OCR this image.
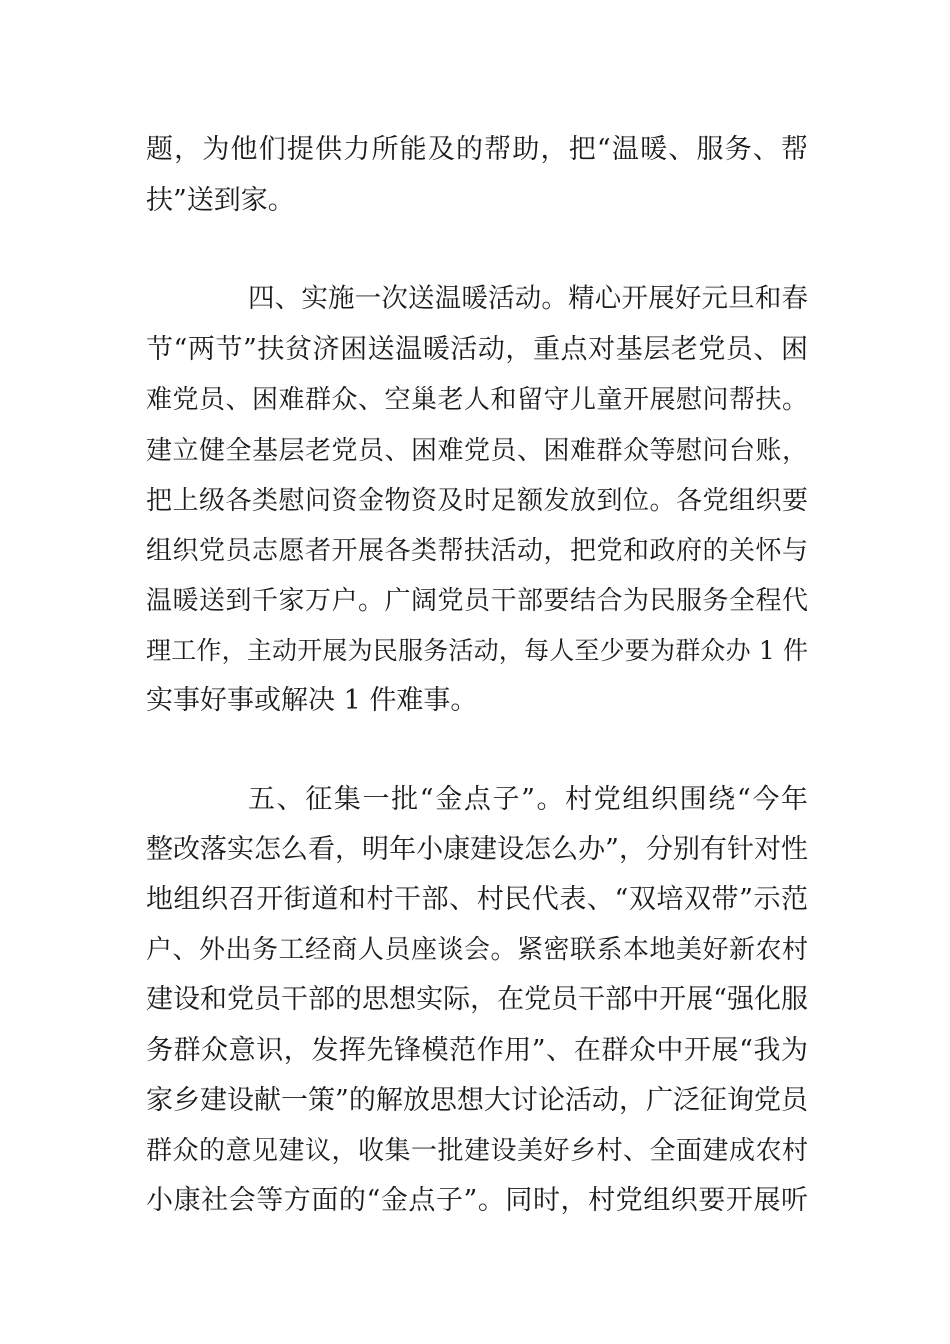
题，为他们提供力所能及的帮助，把“温暖、服务、帮
扶”送到家。
四、实施一次送温暖活动。精心开展好元旦和春
节“两节”扶贫济困送温暖活动，重点对基层老党员、困
难党员、困难群众、空巢老人和留守儿童开展慰问帮扶。
建立健全基层老党员、困难党员、困难群众等慰问台账，
把上级各类慰问资金物资及时足额发放到位。各党组织要
组织党员志愿者开展各类帮扶活动，把党和政府的关怀与
温暖送到千家万户。广阔党员干部要结合为民服务全程代
理工作，主动开展为民服务活动，每人至少要为群众办 1 件
实事好事或解决 1 件难事。
五、征集一批“金点子”。村党组织围绕“今年
整改落实怎么看，明年小康建设怎么办”，分别有针对性
地组织召开街道和村干部、村民代表、“双培双带”示范
户、外出务工经商人员座谈会。紧密联系本地美好新农村
建设和党员干部的思想实际，在党员干部中开展“强化服
务群众意识，发挥先锋模范作用”、在群众中开展“我为
家乡建设献一策”的解放思想大讨论活动，广泛征询党员
群众的意见建议，收集一批建设美好乡村、全面建成农村
小康社会等方面的“金点子”。同时，村党组织要开展听
